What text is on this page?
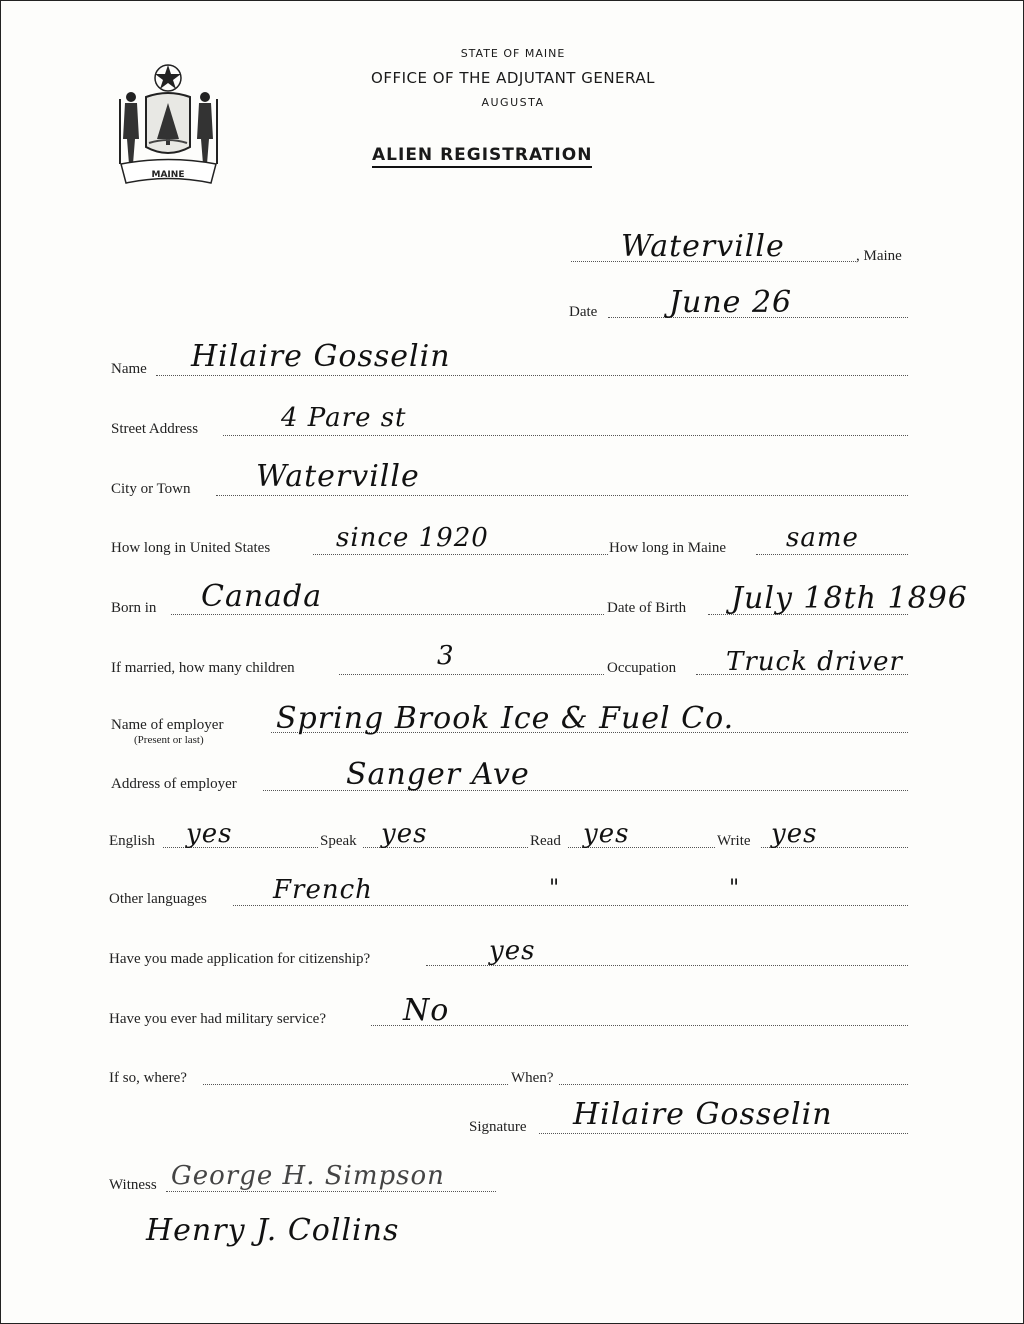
MAINE
STATE OF MAINE
OFFICE OF THE ADJUTANT GENERAL
AUGUSTA
ALIEN REGISTRATION
Waterville	, Maine
Date June 26
Name Hilaire Gosselin
Street Address	4 Pare st
City or Town Waterville
How long in United States	since 1920	How long in Maine same
Born in Canada	Date of Birth July 18th 1896
If married, how many children	3	Occupation Truck driver
Name of employer
(Present or last)
Spring Brook Ice & Fuel Co.
Address of employer	Sanger Ave
English yes	Speak yes	Read yes	Write yes
Other languages	French	"	"
Have you made application for citizenship?	yes
Have you ever had military service?	No
If so, where?	When?
Signature Hilaire Gosselin
Witness George H. Simpson
Henry J. Collins
